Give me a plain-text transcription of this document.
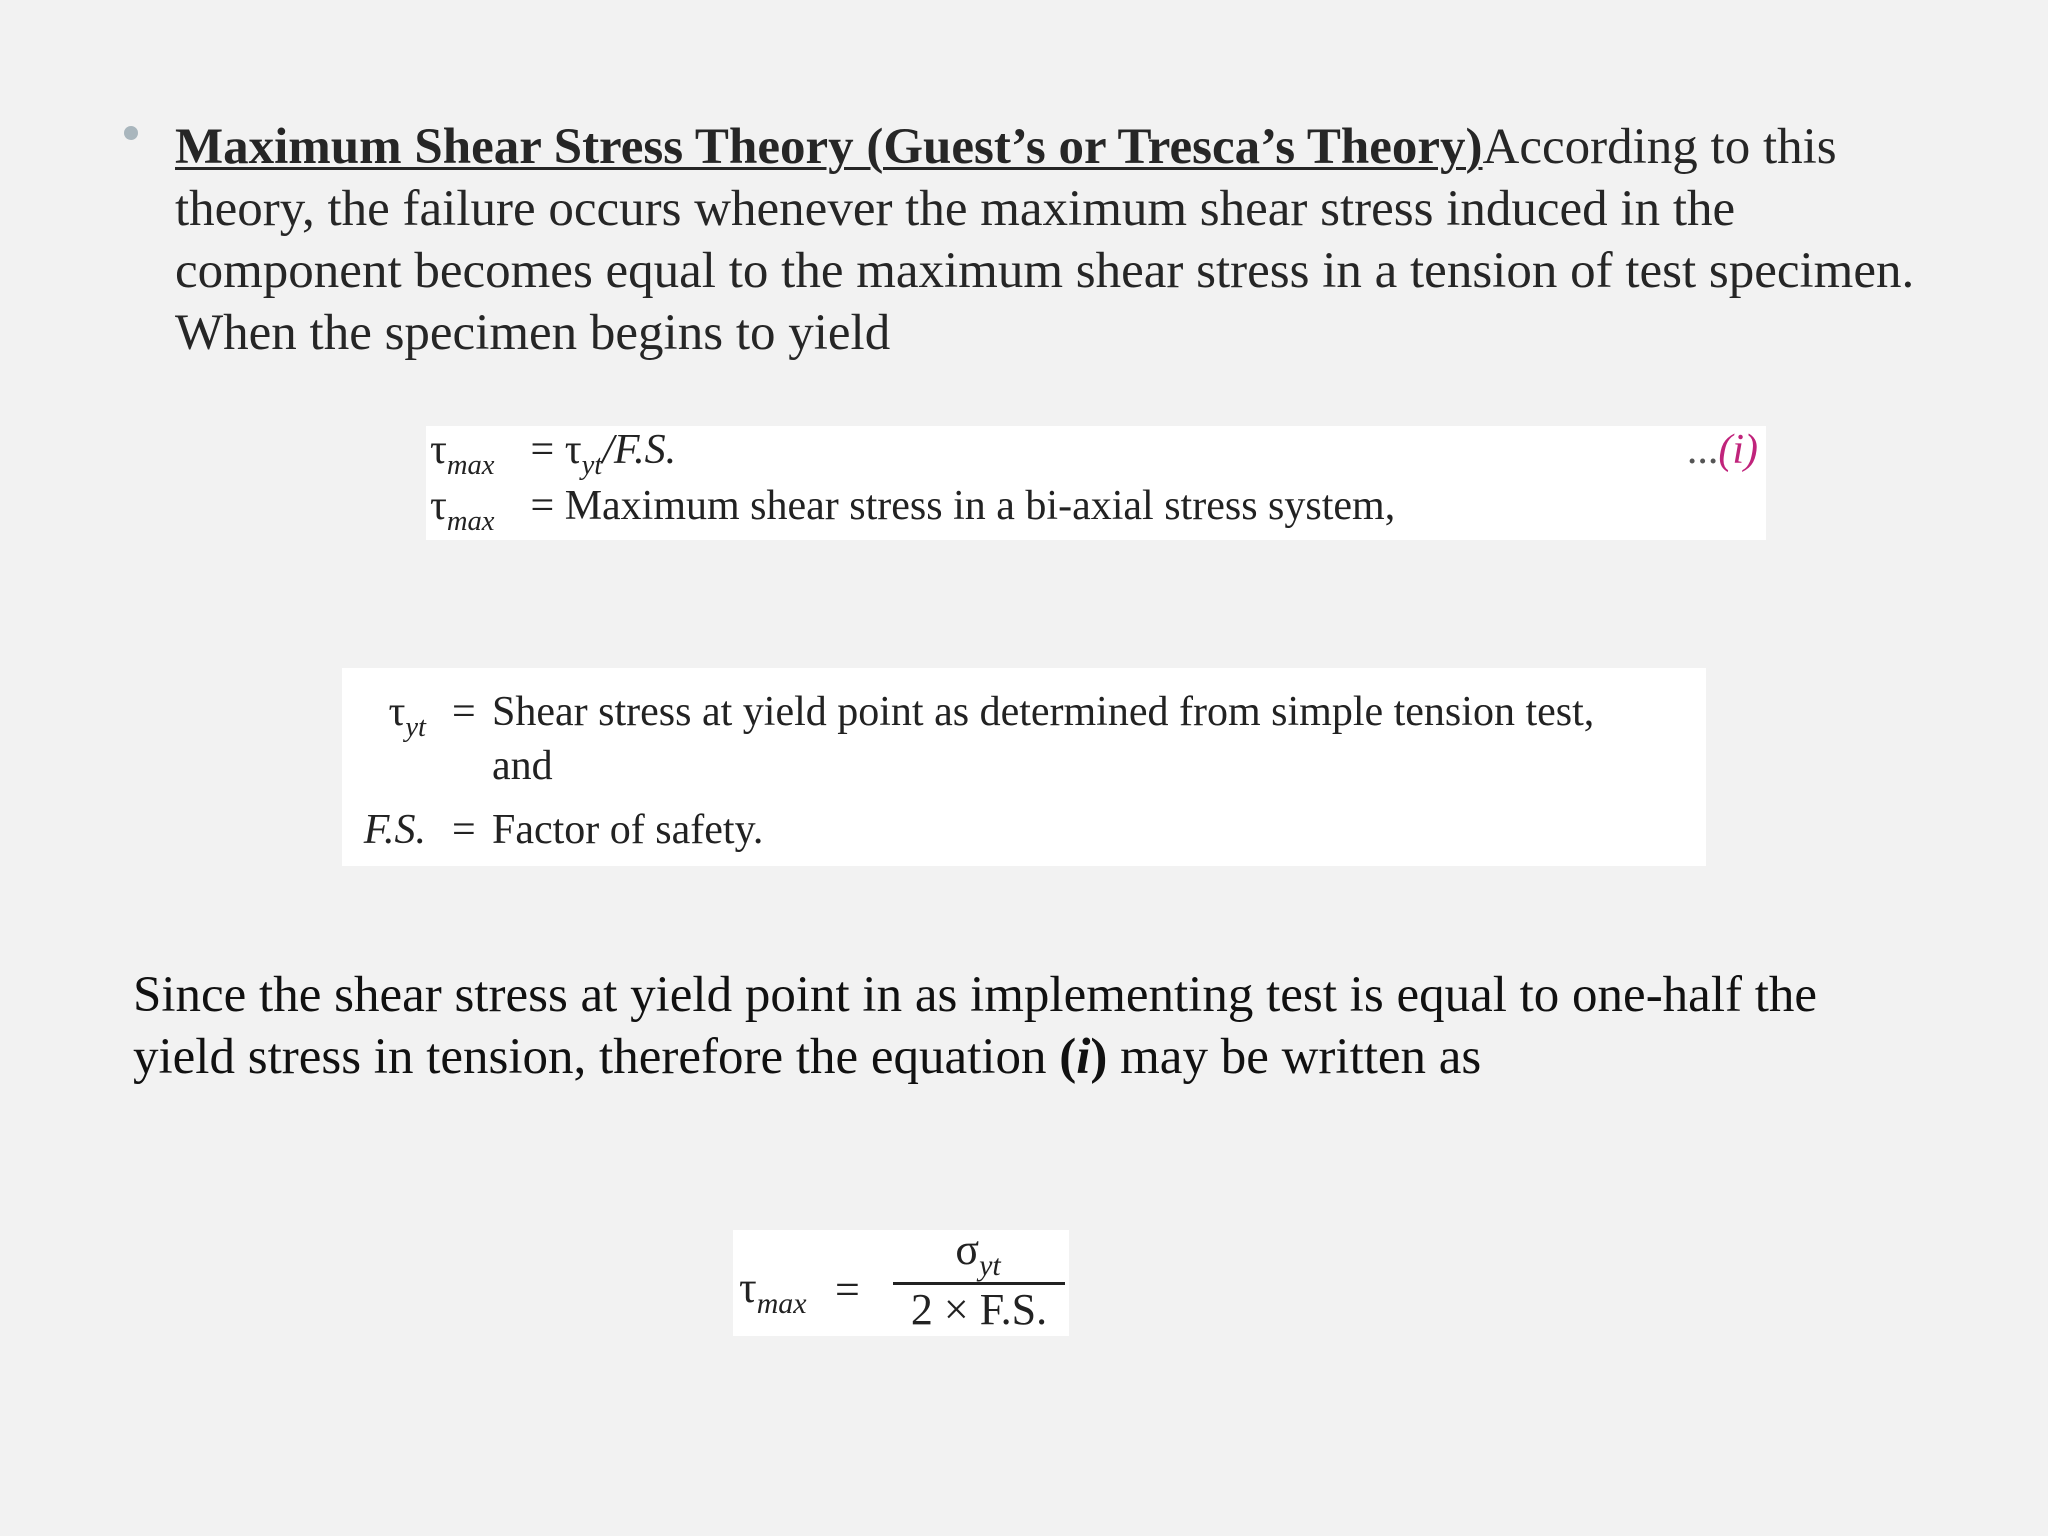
Maximum Shear Stress Theory (Guest’s or Tresca’s Theory)According to this theory, the failure occurs whenever the maximum shear stress induced in the component becomes equal to the maximum shear stress in a tension of test specimen. When the specimen begins to yield
$\tau_{max} = \tau_{yt}/F.S$.	...(i)
$\tau_{max}$ = Maximum shear stress in a bi-axial stress system,
$\tau_{yt}$ = Shear stress at yield point as determined from simple tension test,
and
F.S. = Factor of safety.
Since the shear stress at yield point in as implementing test is equal to one-half the yield stress in tension, therefore the equation (i) may be written as
$\tau_{max}$ =
$\sigma_{yt}$
2 × F.S.
